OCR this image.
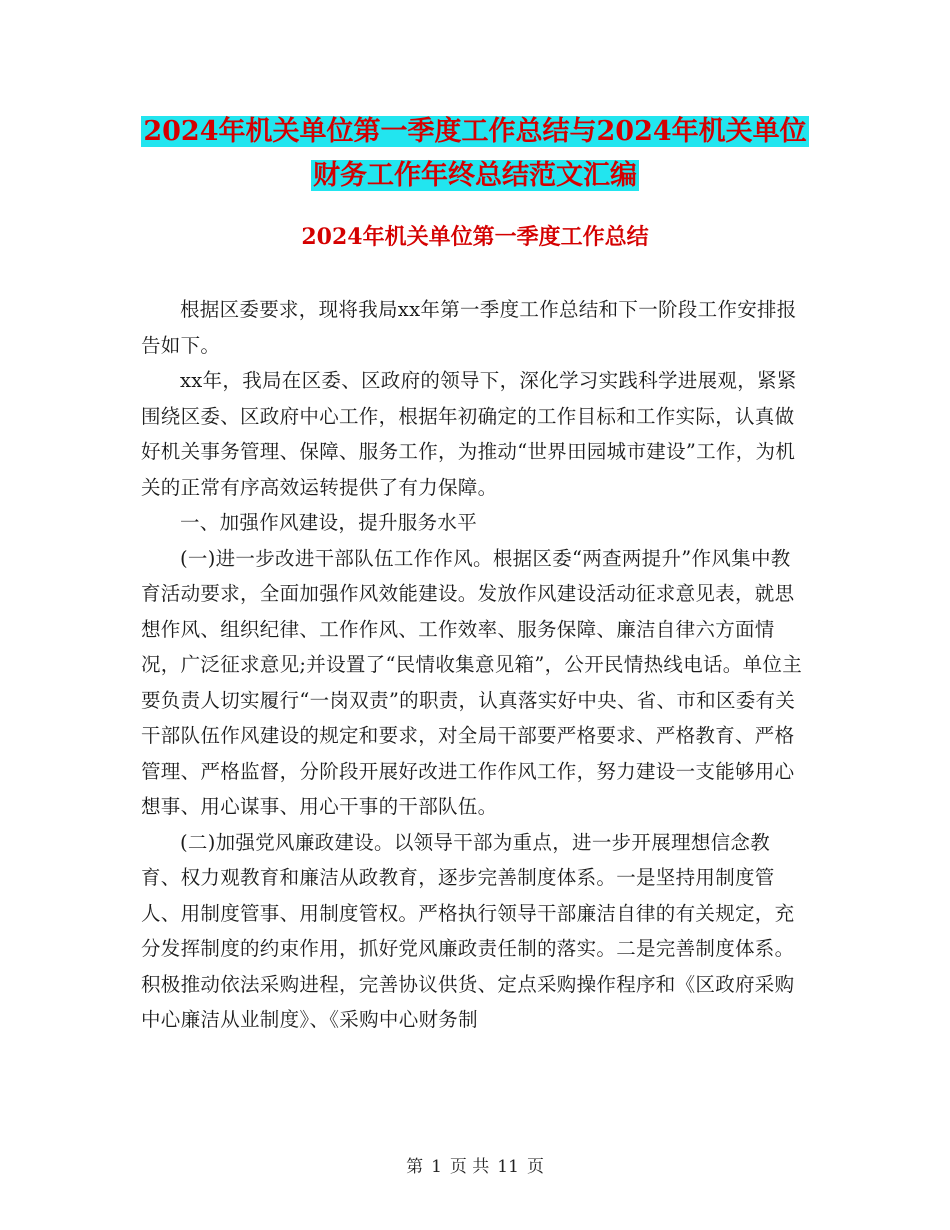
2024年机关单位第一季度工作总结与2024年机关单位
财务工作年终总结范文汇编
2024年机关单位第一季度工作总结

根据区委要求，现将我局xx年第一季度工作总结和下一阶段工作安排报告如下。

xx年，我局在区委、区政府的领导下，深化学习实践科学进展观，紧紧围绕区委、区政府中心工作，根据年初确定的工作目标和工作实际，认真做好机关事务管理、保障、服务工作，为推动“世界田园城市建设”工作，为机关的正常有序高效运转提供了有力保障。

一、加强作风建设，提升服务水平

(一)进一步改进干部队伍工作作风。根据区委“两查两提升”作风集中教育活动要求，全面加强作风效能建设。发放作风建设活动征求意见表，就思想作风、组织纪律、工作作风、工作效率、服务保障、廉洁自律六方面情况，广泛征求意见;并设置了“民情收集意见箱”，公开民情热线电话。单位主要负责人切实履行“一岗双责”的职责，认真落实好中央、省、市和区委有关干部队伍作风建设的规定和要求，对全局干部要严格要求、严格教育、严格管理、严格监督，分阶段开展好改进工作作风工作，努力建设一支能够用心想事、用心谋事、用心干事的干部队伍。

(二)加强党风廉政建设。以领导干部为重点，进一步开展理想信念教育、权力观教育和廉洁从政教育，逐步完善制度体系。一是坚持用制度管人、用制度管事、用制度管权。严格执行领导干部廉洁自律的有关规定，充分发挥制度的约束作用，抓好党风廉政责任制的落实。二是完善制度体系。积极推动依法采购进程，完善协议供货、定点采购操作程序和《区政府采购中心廉洁从业制度》、《采购中心财务制

第 1 页 共 11 页
